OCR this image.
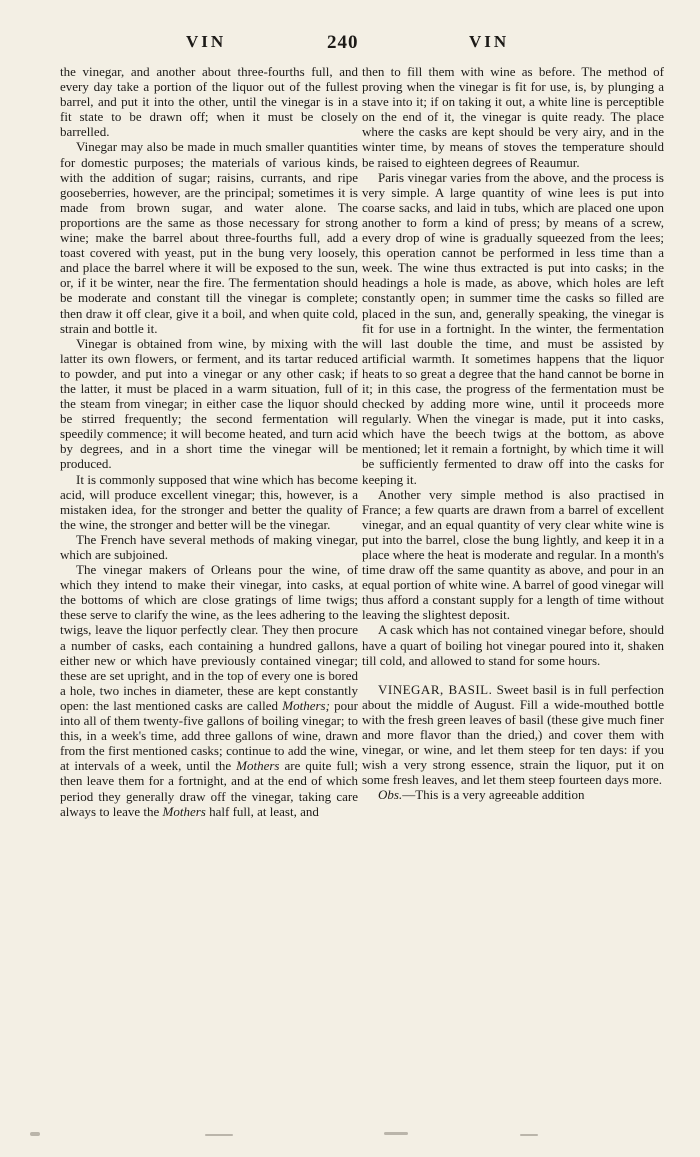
VIN	240	VIN

the vinegar, and another about three-fourths full, and every day take a portion of the liquor out of the fullest barrel, and put it into the other, until the vinegar is in a fit state to be drawn off; when it must be closely barrelled.

Vinegar may also be made in much smaller quantities for domestic purposes; the materials of various kinds, with the addition of sugar; raisins, currants, and ripe gooseberries, however, are the principal; sometimes it is made from brown sugar, and water alone. The proportions are the same as those necessary for strong wine; make the barrel about three-fourths full, add a toast covered with yeast, put in the bung very loosely, and place the barrel where it will be exposed to the sun, or, if it be winter, near the fire. The fermentation should be moderate and constant till the vinegar is complete; then draw it off clear, give it a boil, and when quite cold, strain and bottle it.

Vinegar is obtained from wine, by mixing with the latter its own flowers, or ferment, and its tartar reduced to powder, and put into a vinegar or any other cask; if the latter, it must be placed in a warm situation, full of the steam from vinegar; in either case the liquor should be stirred frequently; the second fermentation will speedily commence; it will become heated, and turn acid by degrees, and in a short time the vinegar will be produced.

It is commonly supposed that wine which has become acid, will produce excellent vinegar; this, however, is a mistaken idea, for the stronger and better the quality of the wine, the stronger and better will be the vinegar.

The French have several methods of making vinegar, which are subjoined.

The vinegar makers of Orleans pour the wine, of which they intend to make their vinegar, into casks, at the bottoms of which are close gratings of lime twigs; these serve to clarify the wine, as the lees adhering to the twigs, leave the liquor perfectly clear. They then procure a number of casks, each containing a hundred gallons, either new or which have previously contained vinegar; these are set upright, and in the top of every one is bored a hole, two inches in diameter, these are kept constantly open: the last mentioned casks are called Mothers; pour into all of them twenty-five gallons of boiling vinegar; to this, in a week's time, add three gallons of wine, drawn from the first mentioned casks; continue to add the wine, at intervals of a week, until the Mothers are quite full; then leave them for a fortnight, and at the end of which period they generally draw off the vinegar, taking care always to leave the Mothers half full, at least, and

then to fill them with wine as before. The method of proving when the vinegar is fit for use, is, by plunging a stave into it; if on taking it out, a white line is perceptible on the end of it, the vinegar is quite ready. The place where the casks are kept should be very airy, and in the winter time, by means of stoves the temperature should be raised to eighteen degrees of Reaumur.

Paris vinegar varies from the above, and the process is very simple. A large quantity of wine lees is put into coarse sacks, and laid in tubs, which are placed one upon another to form a kind of press; by means of a screw, every drop of wine is gradually squeezed from the lees; this operation cannot be performed in less time than a week. The wine thus extracted is put into casks; in the headings a hole is made, as above, which holes are left constantly open; in summer time the casks so filled are placed in the sun, and, generally speaking, the vinegar is fit for use in a fortnight. In the winter, the fermentation will last double the time, and must be assisted by artificial warmth. It sometimes happens that the liquor heats to so great a degree that the hand cannot be borne in it; in this case, the progress of the fermentation must be checked by adding more wine, until it proceeds more regularly. When the vinegar is made, put it into casks, which have the beech twigs at the bottom, as above mentioned; let it remain a fortnight, by which time it will be sufficiently fermented to draw off into the casks for keeping it.

Another very simple method is also practised in France; a few quarts are drawn from a barrel of excellent vinegar, and an equal quantity of very clear white wine is put into the barrel, close the bung lightly, and keep it in a place where the heat is moderate and regular. In a month's time draw off the same quantity as above, and pour in an equal portion of white wine. A barrel of good vinegar will thus afford a constant supply for a length of time without leaving the slightest deposit.

A cask which has not contained vinegar before, should have a quart of boiling hot vinegar poured into it, shaken till cold, and allowed to stand for some hours.

VINEGAR, BASIL. Sweet basil is in full perfection about the middle of August. Fill a wide-mouthed bottle with the fresh green leaves of basil (these give much finer and more flavor than the dried,) and cover them with vinegar, or wine, and let them steep for ten days: if you wish a very strong essence, strain the liquor, put it on some fresh leaves, and let them steep fourteen days more.

Obs.—This is a very agreeable addition
